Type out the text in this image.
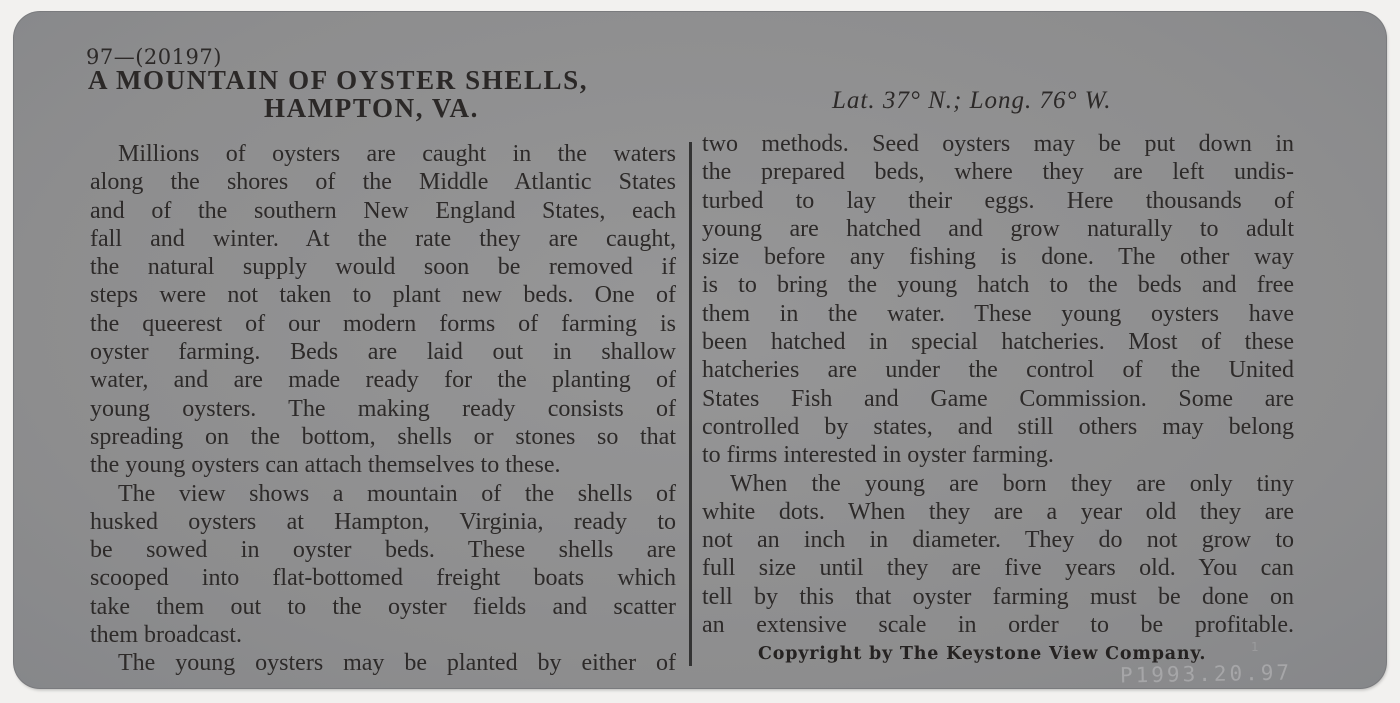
97—(20197)
A MOUNTAIN OF OYSTER SHELLS,
HAMPTON, VA.	Lat. 37° N.; Long. 76° W.
Millions of oysters are caught in the waters
along the shores of the Middle Atlantic States
and of the southern New England States, each
fall and winter. At the rate they are caught,
the natural supply would soon be removed if
steps were not taken to plant new beds. One of
the queerest of our modern forms of farming is
oyster farming. Beds are laid out in shallow
water, and are made ready for the planting of
young oysters. The making ready consists of
spreading on the bottom, shells or stones so that
the young oysters can attach themselves to these.
The view shows a mountain of the shells of
husked oysters at Hampton, Virginia, ready to
be sowed in oyster beds. These shells are
scooped into flat-bottomed freight boats which
take them out to the oyster fields and scatter
them broadcast.
The young oysters may be planted by either of
two methods. Seed oysters may be put down in
the prepared beds, where they are left undis-
turbed to lay their eggs. Here thousands of
young are hatched and grow naturally to adult
size before any fishing is done. The other way
is to bring the young hatch to the beds and free
them in the water. These young oysters have
been hatched in special hatcheries. Most of these
hatcheries are under the control of the United
States Fish and Game Commission. Some are
controlled by states, and still others may belong
to firms interested in oyster farming.
When the young are born they are only tiny
white dots. When they are a year old they are
not an inch in diameter. They do not grow to
full size until they are five years old. You can
tell by this that oyster farming must be done on
an extensive scale in order to be profitable.
Copyright by The Keystone View Company.	1
P1993.20.97
